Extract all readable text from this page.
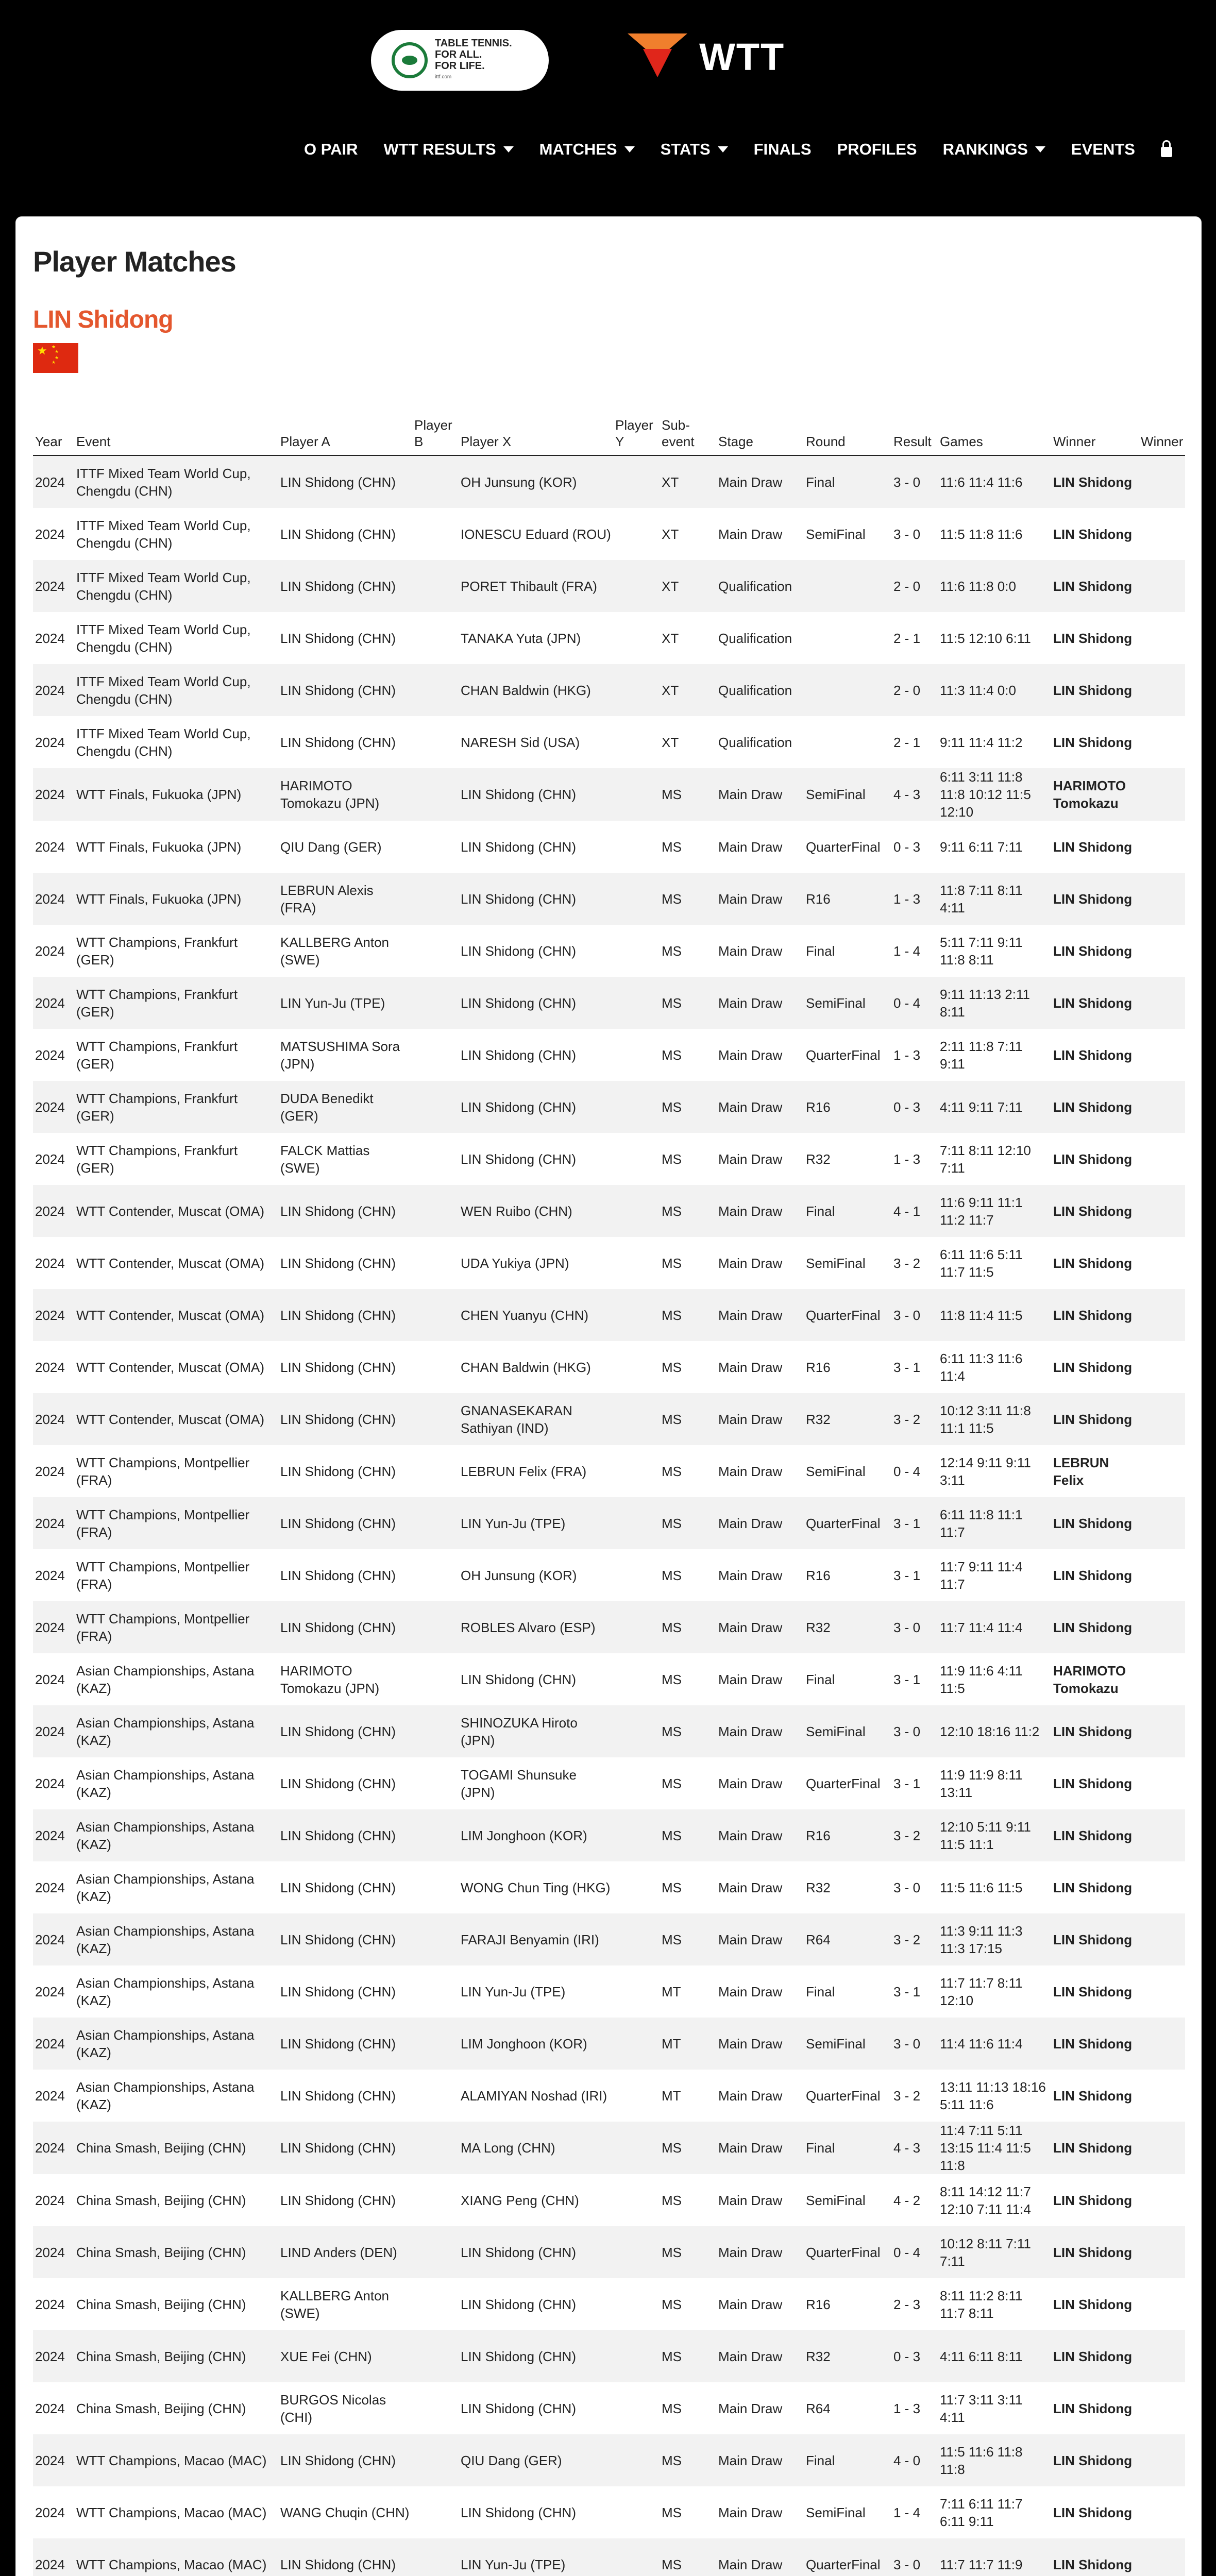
TABLE TENNIS.
FOR ALL.
FOR LIFE.
ittf.com	WTT
O PAIR WTT RESULTS	MATCHES	STATS	FINALS PROFILES RANKINGS	EVENTS
Player Matches
LIN Shidong
★ ★
★
★
★
Year	Event	Player A	Player B	Player X	Player Y	Sub-event	Stage	Round	Result	Games	Winner	Winner
2024	ITTF Mixed Team World Cup, Chengdu (CHN)	LIN Shidong (CHN)		OH Junsung (KOR)		XT	Main Draw	Final	3 - 0	11:6 11:4 11:6	LIN Shidong	
2024	ITTF Mixed Team World Cup, Chengdu (CHN)	LIN Shidong (CHN)		IONESCU Eduard (ROU)		XT	Main Draw	SemiFinal	3 - 0	11:5 11:8 11:6	LIN Shidong	
2024	ITTF Mixed Team World Cup, Chengdu (CHN)	LIN Shidong (CHN)		PORET Thibault (FRA)		XT	Qualification		2 - 0	11:6 11:8 0:0	LIN Shidong	
2024	ITTF Mixed Team World Cup, Chengdu (CHN)	LIN Shidong (CHN)		TANAKA Yuta (JPN)		XT	Qualification		2 - 1	11:5 12:10 6:11	LIN Shidong	
2024	ITTF Mixed Team World Cup, Chengdu (CHN)	LIN Shidong (CHN)		CHAN Baldwin (HKG)		XT	Qualification		2 - 0	11:3 11:4 0:0	LIN Shidong	
2024	ITTF Mixed Team World Cup, Chengdu (CHN)	LIN Shidong (CHN)		NARESH Sid (USA)		XT	Qualification		2 - 1	9:11 11:4 11:2	LIN Shidong	
2024	WTT Finals, Fukuoka (JPN)	HARIMOTO Tomokazu (JPN)		LIN Shidong (CHN)		MS	Main Draw	SemiFinal	4 - 3	6:11 3:11 11:8 11:8 10:12 11:5 12:10	HARIMOTO Tomokazu	
2024	WTT Finals, Fukuoka (JPN)	QIU Dang (GER)		LIN Shidong (CHN)		MS	Main Draw	QuarterFinal	0 - 3	9:11 6:11 7:11	LIN Shidong	
2024	WTT Finals, Fukuoka (JPN)	LEBRUN Alexis (FRA)		LIN Shidong (CHN)		MS	Main Draw	R16	1 - 3	11:8 7:11 8:11 4:11	LIN Shidong	
2024	WTT Champions, Frankfurt (GER)	KALLBERG Anton (SWE)		LIN Shidong (CHN)		MS	Main Draw	Final	1 - 4	5:11 7:11 9:11 11:8 8:11	LIN Shidong	
2024	WTT Champions, Frankfurt (GER)	LIN Yun-Ju (TPE)		LIN Shidong (CHN)		MS	Main Draw	SemiFinal	0 - 4	9:11 11:13 2:11 8:11	LIN Shidong	
2024	WTT Champions, Frankfurt (GER)	MATSUSHIMA Sora (JPN)		LIN Shidong (CHN)		MS	Main Draw	QuarterFinal	1 - 3	2:11 11:8 7:11 9:11	LIN Shidong	
2024	WTT Champions, Frankfurt (GER)	DUDA Benedikt (GER)		LIN Shidong (CHN)		MS	Main Draw	R16	0 - 3	4:11 9:11 7:11	LIN Shidong	
2024	WTT Champions, Frankfurt (GER)	FALCK Mattias (SWE)		LIN Shidong (CHN)		MS	Main Draw	R32	1 - 3	7:11 8:11 12:10 7:11	LIN Shidong	
2024	WTT Contender, Muscat (OMA)	LIN Shidong (CHN)		WEN Ruibo (CHN)		MS	Main Draw	Final	4 - 1	11:6 9:11 11:1 11:2 11:7	LIN Shidong	
2024	WTT Contender, Muscat (OMA)	LIN Shidong (CHN)		UDA Yukiya (JPN)		MS	Main Draw	SemiFinal	3 - 2	6:11 11:6 5:11 11:7 11:5	LIN Shidong	
2024	WTT Contender, Muscat (OMA)	LIN Shidong (CHN)		CHEN Yuanyu (CHN)		MS	Main Draw	QuarterFinal	3 - 0	11:8 11:4 11:5	LIN Shidong	
2024	WTT Contender, Muscat (OMA)	LIN Shidong (CHN)		CHAN Baldwin (HKG)		MS	Main Draw	R16	3 - 1	6:11 11:3 11:6 11:4	LIN Shidong	
2024	WTT Contender, Muscat (OMA)	LIN Shidong (CHN)		GNANASEKARAN Sathiyan (IND)		MS	Main Draw	R32	3 - 2	10:12 3:11 11:8 11:1 11:5	LIN Shidong	
2024	WTT Champions, Montpellier (FRA)	LIN Shidong (CHN)		LEBRUN Felix (FRA)		MS	Main Draw	SemiFinal	0 - 4	12:14 9:11 9:11 3:11	LEBRUN Felix	
2024	WTT Champions, Montpellier (FRA)	LIN Shidong (CHN)		LIN Yun-Ju (TPE)		MS	Main Draw	QuarterFinal	3 - 1	6:11 11:8 11:1 11:7	LIN Shidong	
2024	WTT Champions, Montpellier (FRA)	LIN Shidong (CHN)		OH Junsung (KOR)		MS	Main Draw	R16	3 - 1	11:7 9:11 11:4 11:7	LIN Shidong	
2024	WTT Champions, Montpellier (FRA)	LIN Shidong (CHN)		ROBLES Alvaro (ESP)		MS	Main Draw	R32	3 - 0	11:7 11:4 11:4	LIN Shidong	
2024	Asian Championships, Astana (KAZ)	HARIMOTO Tomokazu (JPN)		LIN Shidong (CHN)		MS	Main Draw	Final	3 - 1	11:9 11:6 4:11 11:5	HARIMOTO Tomokazu	
2024	Asian Championships, Astana (KAZ)	LIN Shidong (CHN)		SHINOZUKA Hiroto (JPN)		MS	Main Draw	SemiFinal	3 - 0	12:10 18:16 11:2	LIN Shidong	
2024	Asian Championships, Astana (KAZ)	LIN Shidong (CHN)		TOGAMI Shunsuke (JPN)		MS	Main Draw	QuarterFinal	3 - 1	11:9 11:9 8:11 13:11	LIN Shidong	
2024	Asian Championships, Astana (KAZ)	LIN Shidong (CHN)		LIM Jonghoon (KOR)		MS	Main Draw	R16	3 - 2	12:10 5:11 9:11 11:5 11:1	LIN Shidong	
2024	Asian Championships, Astana (KAZ)	LIN Shidong (CHN)		WONG Chun Ting (HKG)		MS	Main Draw	R32	3 - 0	11:5 11:6 11:5	LIN Shidong	
2024	Asian Championships, Astana (KAZ)	LIN Shidong (CHN)		FARAJI Benyamin (IRI)		MS	Main Draw	R64	3 - 2	11:3 9:11 11:3 11:3 17:15	LIN Shidong	
2024	Asian Championships, Astana (KAZ)	LIN Shidong (CHN)		LIN Yun-Ju (TPE)		MT	Main Draw	Final	3 - 1	11:7 11:7 8:11 12:10	LIN Shidong	
2024	Asian Championships, Astana (KAZ)	LIN Shidong (CHN)		LIM Jonghoon (KOR)		MT	Main Draw	SemiFinal	3 - 0	11:4 11:6 11:4	LIN Shidong	
2024	Asian Championships, Astana (KAZ)	LIN Shidong (CHN)		ALAMIYAN Noshad (IRI)		MT	Main Draw	QuarterFinal	3 - 2	13:11 11:13 18:16 5:11 11:6	LIN Shidong	
2024	China Smash, Beijing (CHN)	LIN Shidong (CHN)		MA Long (CHN)		MS	Main Draw	Final	4 - 3	11:4 7:11 5:11 13:15 11:4 11:5 11:8	LIN Shidong	
2024	China Smash, Beijing (CHN)	LIN Shidong (CHN)		XIANG Peng (CHN)		MS	Main Draw	SemiFinal	4 - 2	8:11 14:12 11:7 12:10 7:11 11:4	LIN Shidong	
2024	China Smash, Beijing (CHN)	LIND Anders (DEN)		LIN Shidong (CHN)		MS	Main Draw	QuarterFinal	0 - 4	10:12 8:11 7:11 7:11	LIN Shidong	
2024	China Smash, Beijing (CHN)	KALLBERG Anton (SWE)		LIN Shidong (CHN)		MS	Main Draw	R16	2 - 3	8:11 11:2 8:11 11:7 8:11	LIN Shidong	
2024	China Smash, Beijing (CHN)	XUE Fei (CHN)		LIN Shidong (CHN)		MS	Main Draw	R32	0 - 3	4:11 6:11 8:11	LIN Shidong	
2024	China Smash, Beijing (CHN)	BURGOS Nicolas (CHI)		LIN Shidong (CHN)		MS	Main Draw	R64	1 - 3	11:7 3:11 3:11 4:11	LIN Shidong	
2024	WTT Champions, Macao (MAC)	LIN Shidong (CHN)		QIU Dang (GER)		MS	Main Draw	Final	4 - 0	11:5 11:6 11:8 11:8	LIN Shidong	
2024	WTT Champions, Macao (MAC)	WANG Chuqin (CHN)		LIN Shidong (CHN)		MS	Main Draw	SemiFinal	1 - 4	7:11 6:11 11:7 6:11 9:11	LIN Shidong	
2024	WTT Champions, Macao (MAC)	LIN Shidong (CHN)		LIN Yun-Ju (TPE)		MS	Main Draw	QuarterFinal	3 - 0	11:7 11:7 11:9	LIN Shidong	
